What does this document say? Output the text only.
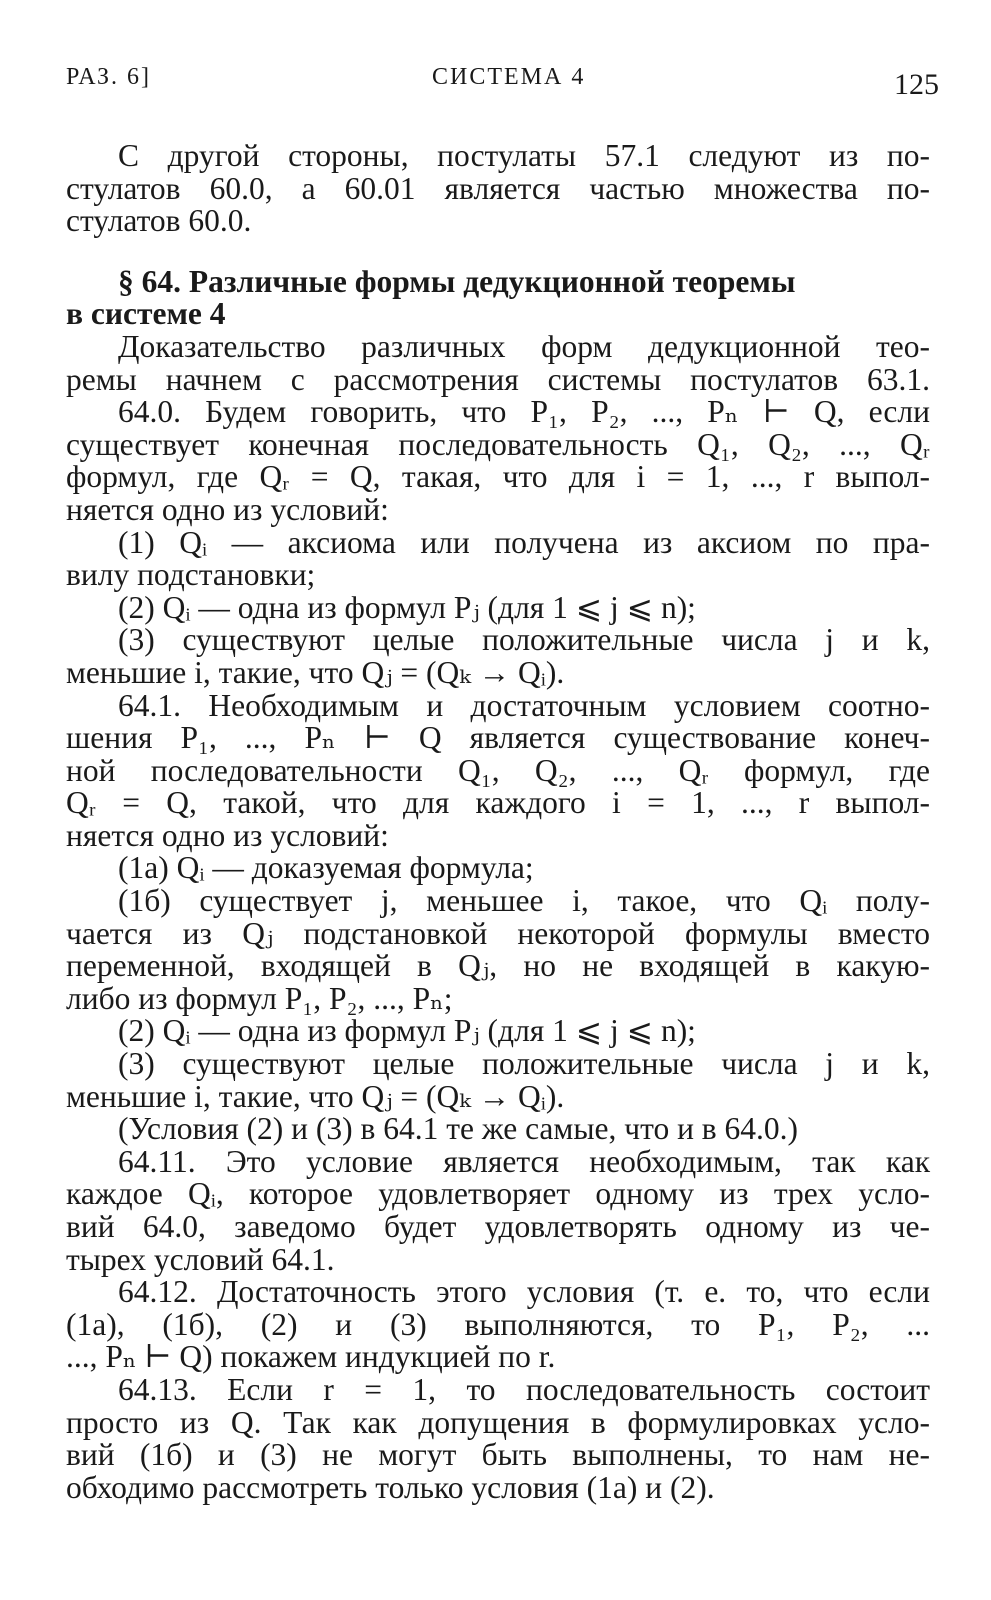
РАЗ. 6]	СИСТЕМА 4	125
С другой стороны, постулаты 57.1 следуют из по-
стулатов 60.0, а 60.01 является частью множества по-
стулатов 60.0.
§ 64. Различные формы дедукционной теоремы
в системе 4
Доказательство различных форм дедукционной тео-
ремы начнем с рассмотрения системы постулатов 63.1.
64.0. Будем говорить, что P₁, P₂, ..., Pₙ ⊢ Q, если
существует конечная последовательность Q₁, Q₂, ..., Qᵣ
формул, где Qᵣ = Q, такая, что для i = 1, ..., r выпол-
няется одно из условий:
(1) Qᵢ — аксиома или получена из аксиом по пра-
вилу подстановки;
(2) Qᵢ — одна из формул Pⱼ (для 1 ⩽ j ⩽ n);
(3) существуют целые положительные числа j и k,
меньшие i, такие, что Qⱼ = (Qₖ → Qᵢ).
64.1. Необходимым и достаточным условием соотно-
шения P₁, ..., Pₙ ⊢ Q является существование конеч-
ной последовательности Q₁, Q₂, ..., Qᵣ формул, где
Qᵣ = Q, такой, что для каждого i = 1, ..., r выпол-
няется одно из условий:
(1а) Qᵢ — доказуемая формула;
(1б) существует j, меньшее i, такое, что Qᵢ полу-
чается из Qⱼ подстановкой некоторой формулы вместо
переменной, входящей в Qⱼ, но не входящей в какую-
либо из формул P₁, P₂, ..., Pₙ;
(2) Qᵢ — одна из формул Pⱼ (для 1 ⩽ j ⩽ n);
(3) существуют целые положительные числа j и k,
меньшие i, такие, что Qⱼ = (Qₖ → Qᵢ).
(Условия (2) и (3) в 64.1 те же самые, что и в 64.0.)
64.11. Это условие является необходимым, так как
каждое Qᵢ, которое удовлетворяет одному из трех усло-
вий 64.0, заведомо будет удовлетворять одному из че-
тырех условий 64.1.
64.12. Достаточность этого условия (т. е. то, что если
(1а), (1б), (2) и (3) выполняются, то P₁, P₂, ...
..., Pₙ ⊢ Q) покажем индукцией по r.
64.13. Если r = 1, то последовательность состоит
просто из Q. Так как допущения в формулировках усло-
вий (1б) и (3) не могут быть выполнены, то нам не-
обходимо рассмотреть только условия (1а) и (2).
